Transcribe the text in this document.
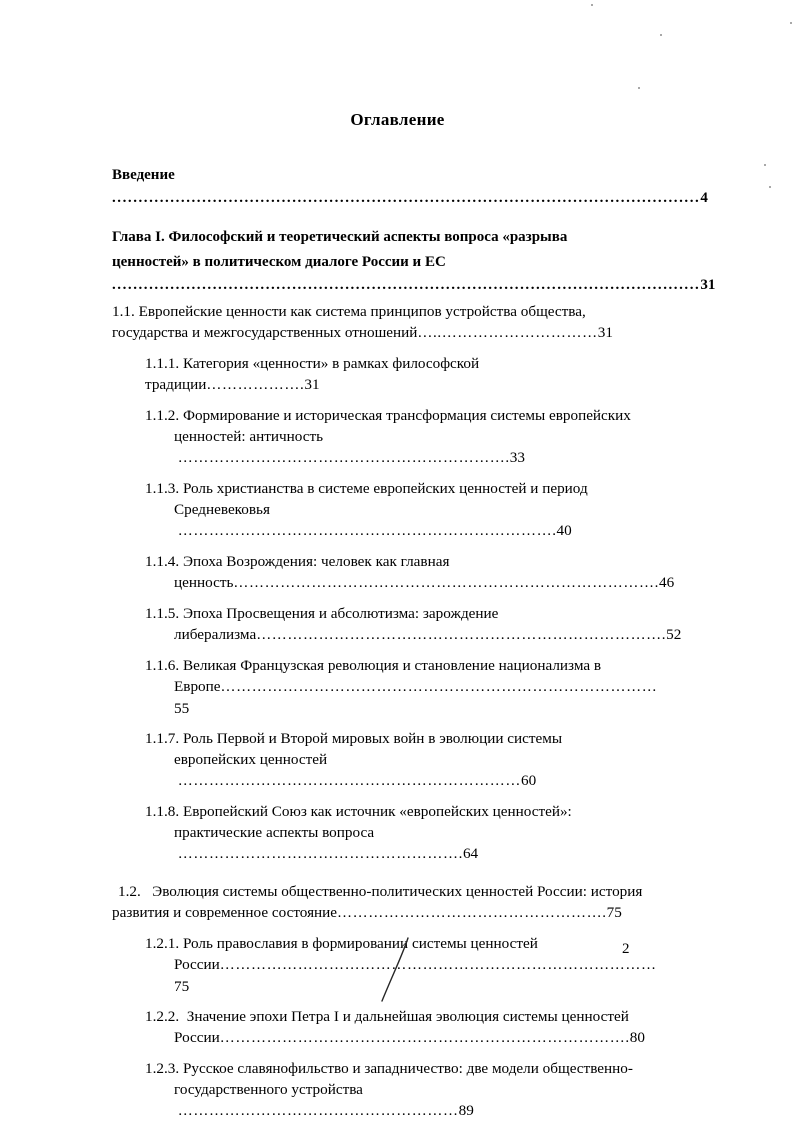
Оглавление
Введение
...............................................................................................................4
Глава I. Философский и теоретический аспекты вопроса «разрыва
ценностей» в политическом диалоге России и ЕС
...............................................................................................................31
1.1. Европейские ценности как система принципов устройства общества,
государства и межгосударственных отношений…..…………………………31
1.1.1. Категория «ценности» в рамках философской традиции……………….31
1.1.2. Формирование и историческая трансформация системы европейских
ценностей: античность ……………………………………………………….33
1.1.3. Роль христианства в системе европейских ценностей и период
Средневековья ……………………………………………………………….40
1.1.4. Эпоха Возрождения: человек как главная
ценность……………………………………………………………………….46
1.1.5. Эпоха Просвещения и абсолютизма: зарождение
либерализма…………………………………………………………………….52
1.1.6. Великая Французская революция и становление национализма в
Европе…………………………………………………………………………55
1.1.7. Роль Первой и Второй мировых войн в эволюции системы
европейских ценностей …………………………………………………………60
1.1.8. Европейский Союз как источник «европейских ценностей»:
практические аспекты вопроса ……………………………………………….64
1.2. Эволюция системы общественно-политических ценностей России: история
развития и современное состояние…………………………………………….75
1.2.1. Роль православия в формировании системы ценностей
России…………………………………………………………………………75
1.2.2. Значение эпохи Петра I и дальнейшая эволюция системы ценностей
России…………………………………………………………………….80
1.2.3. Русское славянофильство и западничество: две модели общественно-
государственного устройства ………………………………………………89
2
